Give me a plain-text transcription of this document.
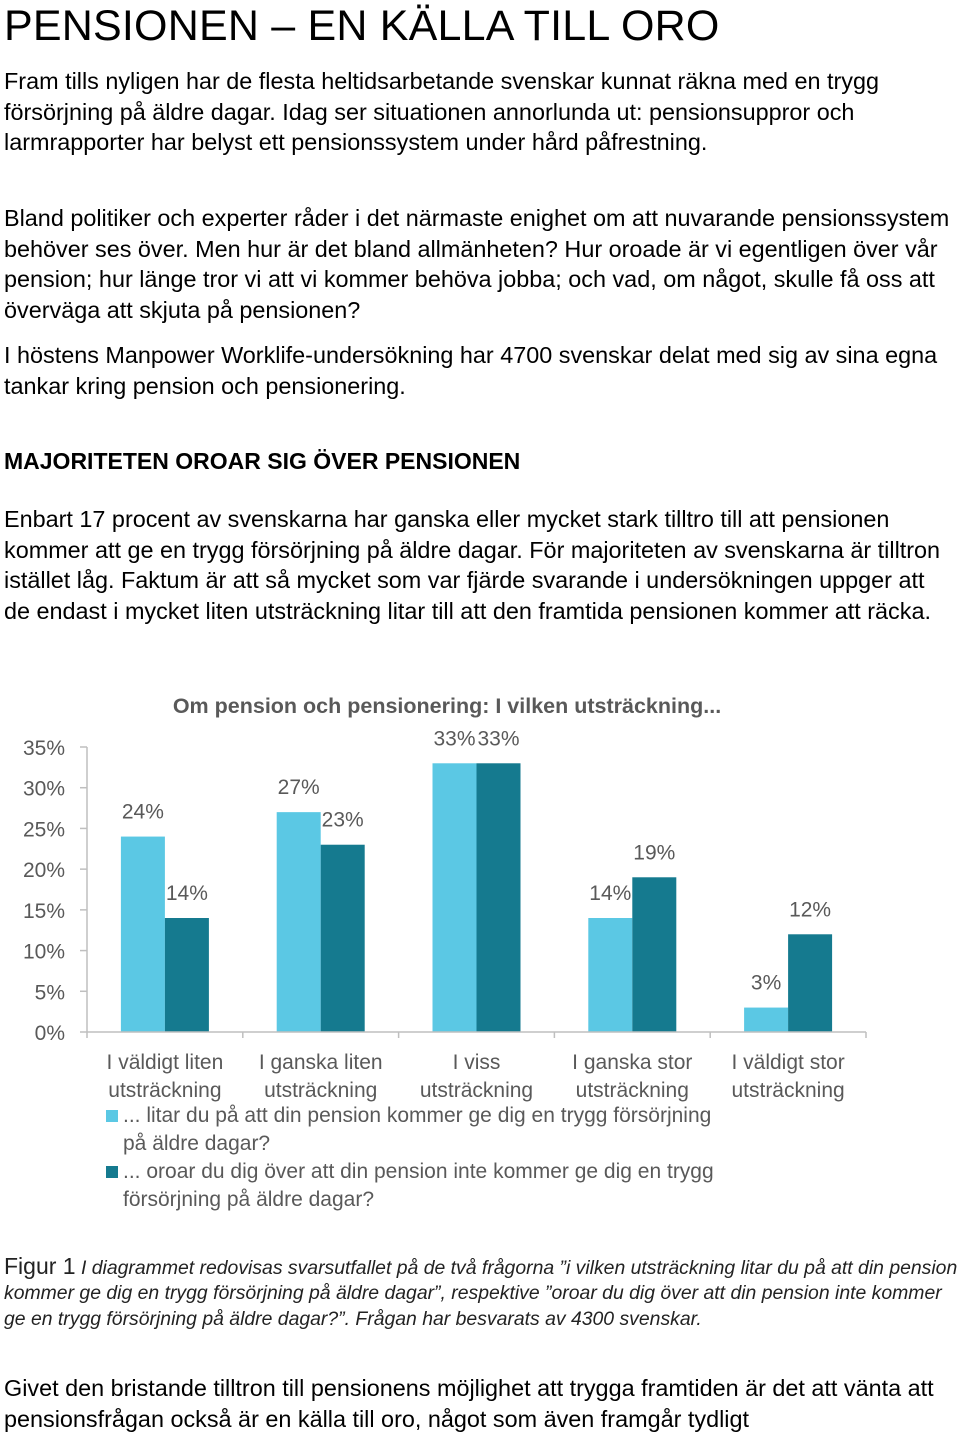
PENSIONEN – EN KÄLLA TILL ORO
Fram tills nyligen har de flesta heltidsarbetande svenskar kunnat räkna med en trygg försörjning på äldre dagar. Idag ser situationen annorlunda ut: pensionsuppror och larmrapporter har belyst ett pensionssystem under hård påfrestning.
Bland politiker och experter råder i det närmaste enighet om att nuvarande pensionssystem behöver ses över. Men hur är det bland allmänheten? Hur oroade är vi egentligen över vår pension; hur länge tror vi att vi kommer behöva jobba; och vad, om något, skulle få oss att överväga att skjuta på pensionen?
I höstens Manpower Worklife-undersökning har 4700 svenskar delat med sig av sina egna tankar kring pension och pensionering.
MAJORITETEN OROAR SIG ÖVER PENSIONEN
Enbart 17 procent av svenskarna har ganska eller mycket stark tilltro till att pensionen kommer att ge en trygg försörjning på äldre dagar. För majoriteten av svenskarna är tilltron istället låg. Faktum är att så mycket som var fjärde svarande i undersökningen uppger att de endast i mycket liten utsträckning litar till att den framtida pensionen kommer att räcka.
Om pension och pensionering: I vilken utsträckning...
0%
5%
10%
15%
20%
25%
30%
35%
24%
14%
I väldigt liten
utsträckning
27%
23%
I ganska liten
utsträckning
33% 33%
I viss
utsträckning
14%
19%
I ganska stor
utsträckning
3%
12%
I väldigt stor
utsträckning
... litar du på att din pension kommer ge dig en trygg försörjning
på äldre dagar?
... oroar du dig över att din pension inte kommer ge dig en trygg
försörjning på äldre dagar?
Figur 1 I diagrammet redovisas svarsutfallet på de två frågorna ”i vilken utsträckning litar du på att din pension kommer ge dig en trygg försörjning på äldre dagar”, respektive ”oroar du dig över att din pension inte kommer ge en trygg försörjning på äldre dagar?”. Frågan har besvarats av 4300 svenskar.
Givet den bristande tilltron till pensionens möjlighet att trygga framtiden är det att vänta att pensionsfrågan också är en källa till oro, något som även framgår tydligt
